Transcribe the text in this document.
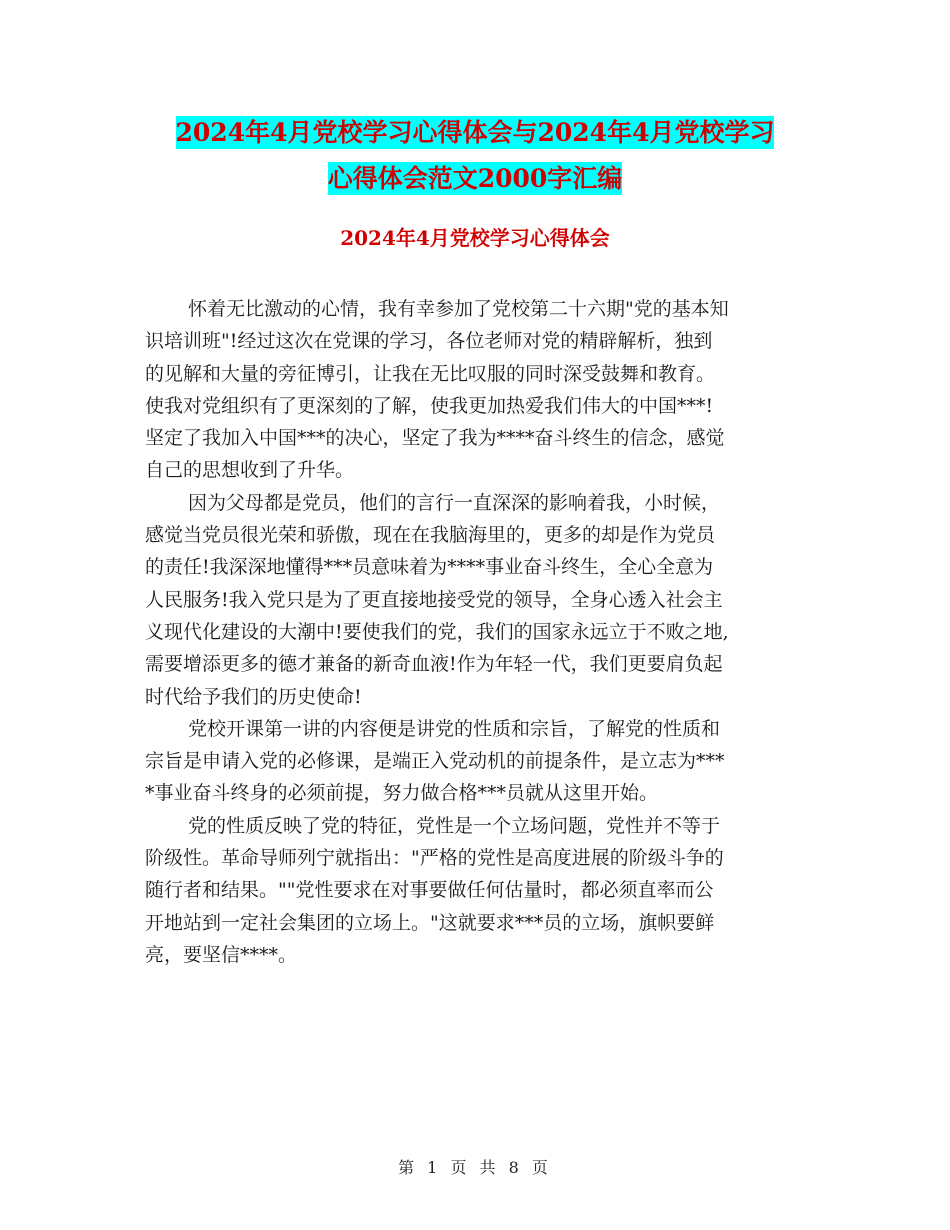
2024年4月党校学习心得体会与2024年4月党校学习
心得体会范文2000字汇编
2024年4月党校学习心得体会

怀着无比激动的心情，我有幸参加了党校第二十六期"党的基本知
识培训班"!经过这次在党课的学习，各位老师对党的精辟解析，独到
的见解和大量的旁征博引，让我在无比叹服的同时深受鼓舞和教育。
使我对党组织有了更深刻的了解，使我更加热爱我们伟大的中国***!
坚定了我加入中国***的决心，坚定了我为****奋斗终生的信念，感觉
自己的思想收到了升华。

因为父母都是党员，他们的言行一直深深的影响着我，小时候，
感觉当党员很光荣和骄傲，现在在我脑海里的，更多的却是作为党员
的责任!我深深地懂得***员意味着为****事业奋斗终生，全心全意为
人民服务!我入党只是为了更直接地接受党的领导，全身心透入社会主
义现代化建设的大潮中!要使我们的党，我们的国家永远立于不败之地,
需要增添更多的德才兼备的新奇血液!作为年轻一代，我们更要肩负起
时代给予我们的历史使命!

党校开课第一讲的内容便是讲党的性质和宗旨，了解党的性质和
宗旨是申请入党的必修课，是端正入党动机的前提条件，是立志为***
*事业奋斗终身的必须前提，努力做合格***员就从这里开始。

党的性质反映了党的特征，党性是一个立场问题，党性并不等于
阶级性。革命导师列宁就指出："严格的党性是高度进展的阶级斗争的
随行者和结果。""党性要求在对事要做任何估量时，都必须直率而公
开地站到一定社会集团的立场上。"这就要求***员的立场，旗帜要鲜
亮，要坚信****。

第 1 页 共 8 页
